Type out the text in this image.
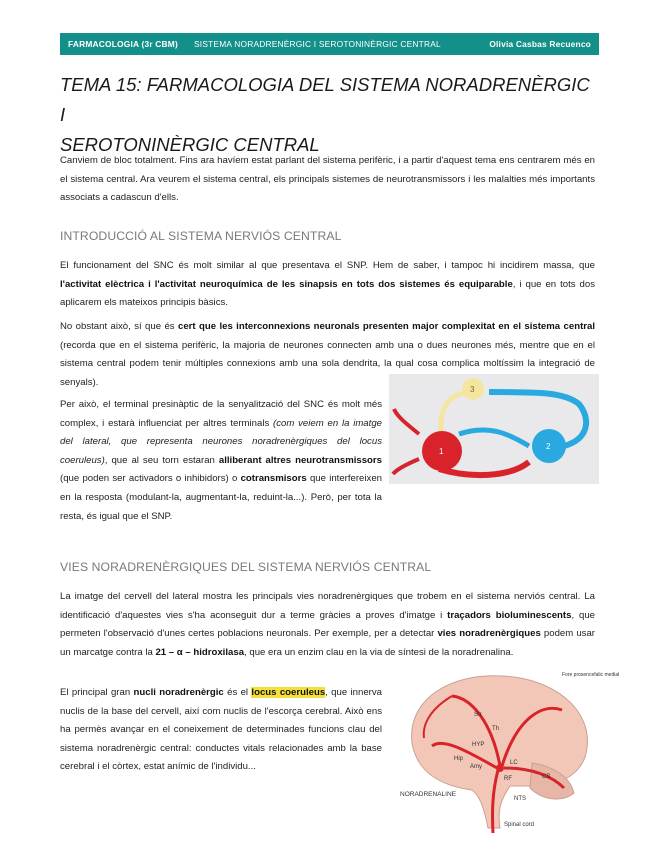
FARMACOLOGIA (3r CBM) SISTEMA NORADRENÈRGIC I SEROTONINÈRGIC CENTRAL	Olivia Casbas Recuenco
TEMA 15: FARMACOLOGIA DEL SISTEMA NORADRENÈRGIC I
SEROTONINÈRGIC CENTRAL

Canviem de bloc totalment. Fins ara havíem estat parlant del sistema perifèric, i a partir d'aquest tema ens centrarem més en el sistema central. Ara veurem el sistema central, els principals sistemes de neurotransmissors i les malalties més importants associats a cadascun d'ells.

INTRODUCCIÓ AL SISTEMA NERVIÓS CENTRAL

El funcionament del SNC és molt similar al que presentava el SNP. Hem de saber, i tampoc hi incidirem massa, que l'activitat elèctrica i l'activitat neuroquímica de les sinapsis en tots dos sistemes és equiparable, i que en tots dos aplicarem els mateixos principis bàsics.

No obstant això, sí que és cert que les interconnexions neuronals presenten major complexitat en el sistema central (recorda que en el sistema perifèric, la majoria de neurones connecten amb una o dues neurones més, mentre que en el sistema central podem tenir múltiples connexions amb una sola dendrita, la qual cosa complica moltíssim la integració de senyals).

Per això, el terminal presinàptic de la senyalització del SNC és molt més complex, i estarà influenciat per altres terminals (com veiem en la imatge del lateral, que representa neurones noradrenèrgiques del locus coeruleus), que al seu torn estaran alliberant altres neurotransmissors (que poden ser activadors o inhibidors) o cotransmisors que interfereixen en la resposta (modulant-la, augmentant-la, reduint-la...). Però, per tota la resta, és igual que el SNP.

1
2
3
VIES NORADRENÈRGIQUES DEL SISTEMA NERVIÓS CENTRAL

La imatge del cervell del lateral mostra les principals vies noradrenèrgiques que trobem en el sistema nerviós central. La identificació d'aquestes vies s'ha aconseguit dur a terme gràcies a proves d'imatge i traçadors bioluminescents, que permeten l'observació d'unes certes poblacions neuronals. Per exemple, per a detectar vies noradrenèrgiques podem usar un marcatge contra la 21 – α – hidroxilasa, que era un enzim clau en la via de síntesi de la noradrenalina.

El principal gran nucli noradrenèrgic és el locus coeruleus, que innerva nuclis de la base del cervell, així com nuclis de l'escorça cerebral. Això ens ha permès avançar en el coneixement de determinades funcions clau del sistema noradrenèrgic central: conductes vitals relacionades amb la base cerebral i el còrtex, estat anímic de l'individu...

Fore prosencefalic medial
Str
Th
HYP
Hip
Amy
CB
LC
RF
NTS
NORADRENALINE
Spinal cord
